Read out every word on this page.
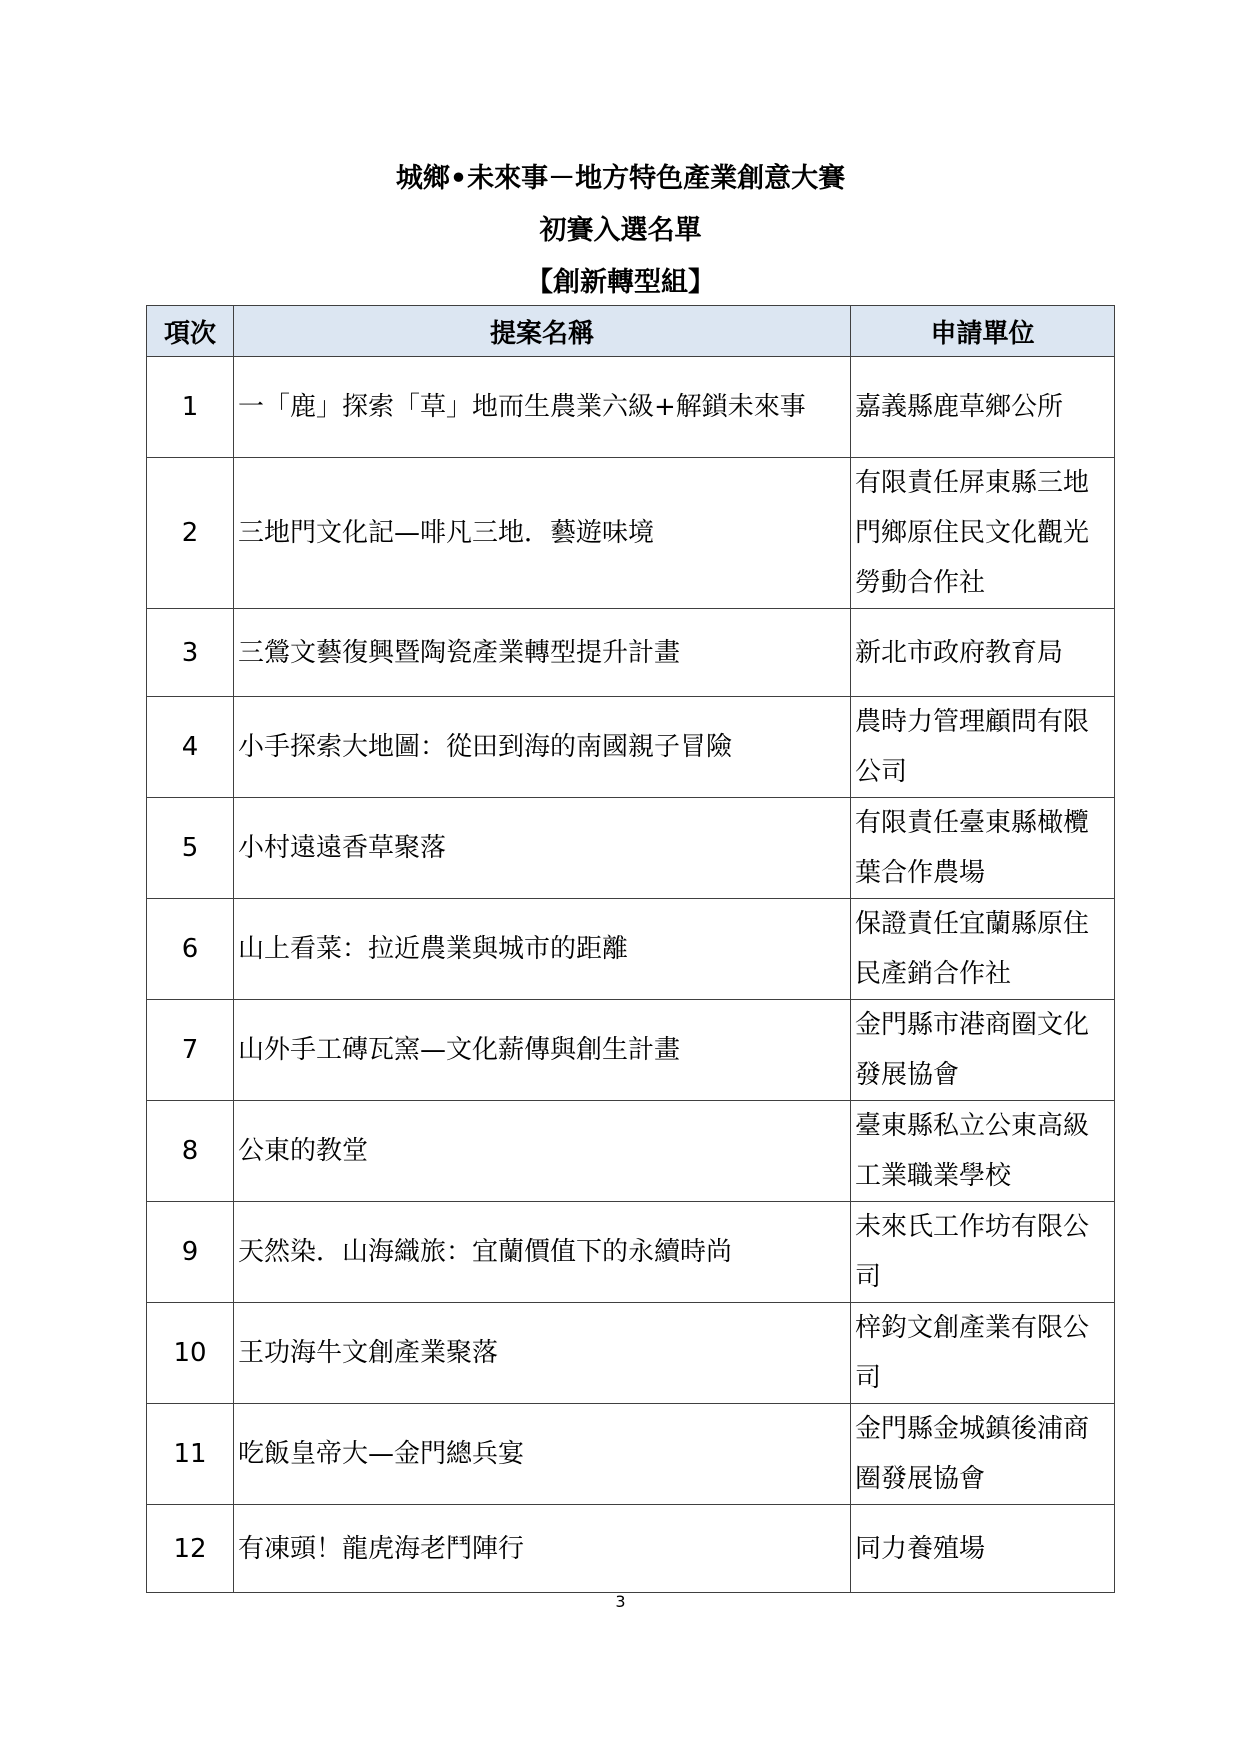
城鄉•未來事－地方特色產業創意大賽
初賽入選名單
【創新轉型組】
項次	提案名稱	申請單位
1	一「鹿」探索「草」地而生農業六級+解鎖未來事	嘉義縣鹿草鄉公所
2	三地門文化記—啡凡三地．藝遊味境	有限責任屏東縣三地門鄉原住民文化觀光勞動合作社
3	三鶯文藝復興暨陶瓷產業轉型提升計畫	新北市政府教育局
4	小手探索大地圖：從田到海的南國親子冒險	農時力管理顧問有限公司
5	小村遠遠香草聚落	有限責任臺東縣橄欖葉合作農場
6	山上看菜：拉近農業與城市的距離	保證責任宜蘭縣原住民產銷合作社
7	山外手工磚瓦窯—文化薪傳與創生計畫	金門縣市港商圈文化發展協會
8	公東的教堂	臺東縣私立公東高級工業職業學校
9	天然染．山海織旅：宜蘭價值下的永續時尚	未來氏工作坊有限公司
10	王功海牛文創產業聚落	梓鈞文創產業有限公司
11	吃飯皇帝大—金門總兵宴	金門縣金城鎮後浦商圈發展協會
12	有凍頭！龍虎海老鬥陣行	同力養殖場

3
